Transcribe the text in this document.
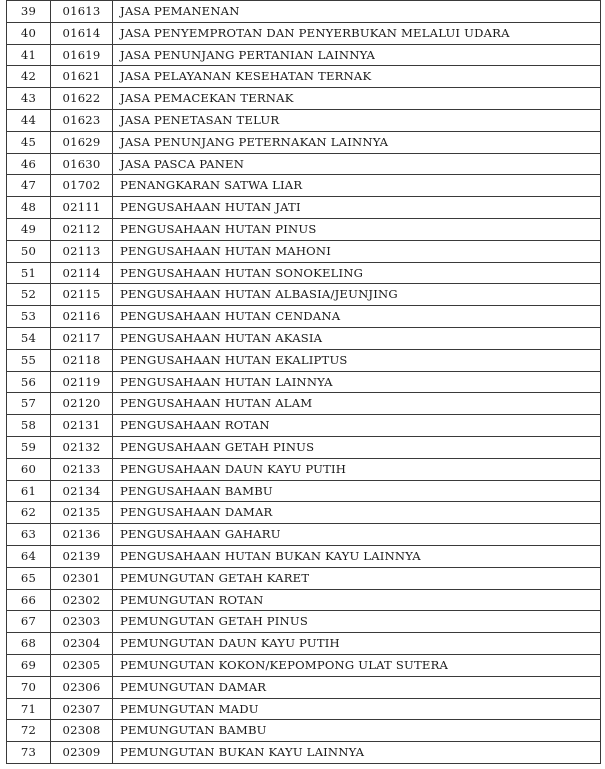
39	01613	JASA PEMANENAN
40	01614	JASA PENYEMPROTAN DAN PENYERBUKAN MELALUI UDARA
41	01619	JASA PENUNJANG PERTANIAN LAINNYA
42	01621	JASA PELAYANAN KESEHATAN TERNAK
43	01622	JASA PEMACEKAN TERNAK
44	01623	JASA PENETASAN TELUR
45	01629	JASA PENUNJANG PETERNAKAN LAINNYA
46	01630	JASA PASCA PANEN
47	01702	PENANGKARAN SATWA LIAR
48	02111	PENGUSAHAAN HUTAN JATI
49	02112	PENGUSAHAAN HUTAN PINUS
50	02113	PENGUSAHAAN HUTAN MAHONI
51	02114	PENGUSAHAAN HUTAN SONOKELING
52	02115	PENGUSAHAAN HUTAN ALBASIA/JEUNJING
53	02116	PENGUSAHAAN HUTAN CENDANA
54	02117	PENGUSAHAAN HUTAN AKASIA
55	02118	PENGUSAHAAN HUTAN EKALIPTUS
56	02119	PENGUSAHAAN HUTAN LAINNYA
57	02120	PENGUSAHAAN HUTAN ALAM
58	02131	PENGUSAHAAN ROTAN
59	02132	PENGUSAHAAN GETAH PINUS
60	02133	PENGUSAHAAN DAUN KAYU PUTIH
61	02134	PENGUSAHAAN BAMBU
62	02135	PENGUSAHAAN DAMAR
63	02136	PENGUSAHAAN GAHARU
64	02139	PENGUSAHAAN HUTAN BUKAN KAYU LAINNYA
65	02301	PEMUNGUTAN GETAH KARET
66	02302	PEMUNGUTAN ROTAN
67	02303	PEMUNGUTAN GETAH PINUS
68	02304	PEMUNGUTAN DAUN KAYU PUTIH
69	02305	PEMUNGUTAN KOKON/KEPOMPONG ULAT SUTERA
70	02306	PEMUNGUTAN DAMAR
71	02307	PEMUNGUTAN MADU
72	02308	PEMUNGUTAN BAMBU
73	02309	PEMUNGUTAN BUKAN KAYU LAINNYA
